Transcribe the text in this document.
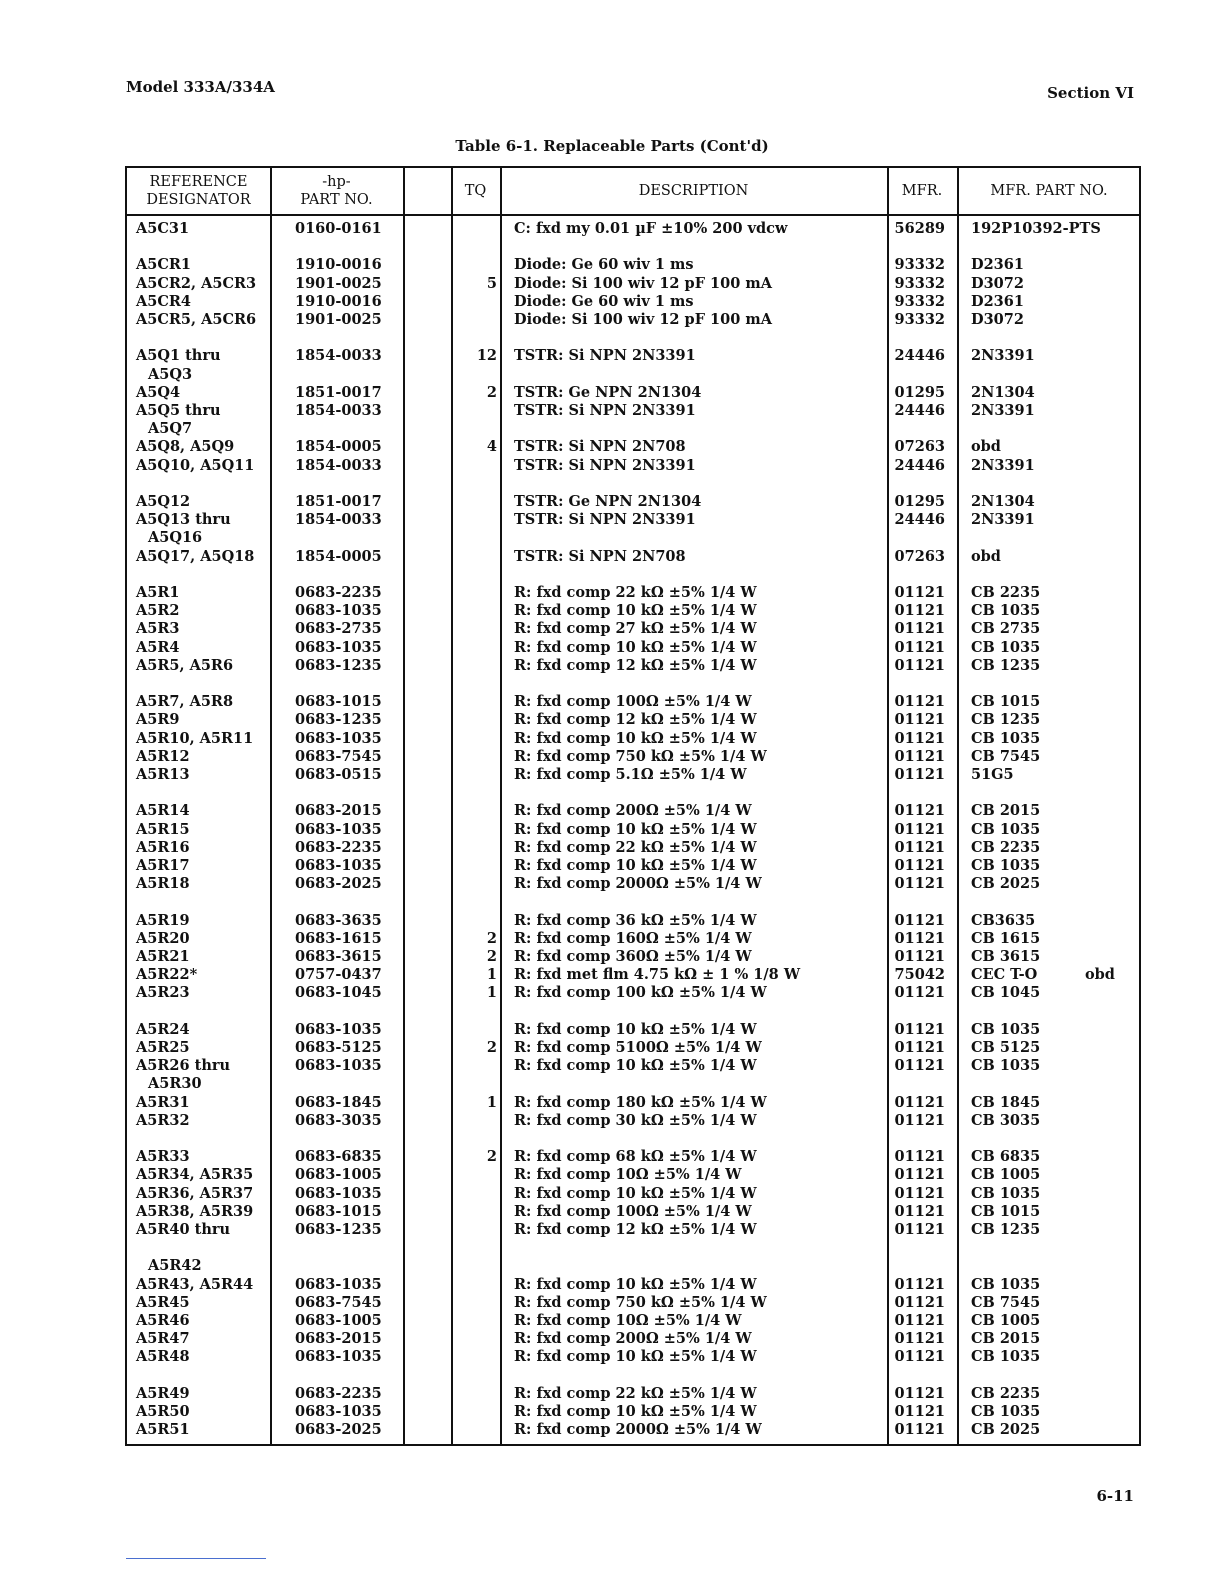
Model 333A/334A	Section VI
Table 6-1. Replaceable Parts (Cont'd)
REFERENCE
DESIGNATOR
-hp-
PART NO.
TQ	DESCRIPTION	MFR.	MFR. PART NO.
A5C31	0160-0161	C: fxd my 0.01 µF ±10% 200 vdcw	56289 192P10392-PTS
A5CR1	1910-0016	Diode: Ge 60 wiv 1 ms	93332 D2361
A5CR2, A5CR3	1901-0025	5 Diode: Si 100 wiv 12 pF 100 mA	93332 D3072
A5CR4	1910-0016	Diode: Ge 60 wiv 1 ms	93332 D2361
A5CR5, A5CR6	1901-0025	Diode: Si 100 wiv 12 pF 100 mA	93332 D3072
A5Q1 thru	1854-0033	12 TSTR: Si NPN 2N3391	24446 2N3391
A5Q3
A5Q4	1851-0017	2 TSTR: Ge NPN 2N1304	01295 2N1304
A5Q5 thru	1854-0033	TSTR: Si NPN 2N3391	24446 2N3391
A5Q7
A5Q8, A5Q9	1854-0005	4 TSTR: Si NPN 2N708	07263 obd
A5Q10, A5Q11	1854-0033	TSTR: Si NPN 2N3391	24446 2N3391
A5Q12	1851-0017	TSTR: Ge NPN 2N1304	01295 2N1304
A5Q13 thru	1854-0033	TSTR: Si NPN 2N3391	24446 2N3391
A5Q16
A5Q17, A5Q18	1854-0005	TSTR: Si NPN 2N708	07263 obd
A5R1	0683-2235	R: fxd comp 22 kΩ ±5% 1/4 W	01121 CB 2235
A5R2	0683-1035	R: fxd comp 10 kΩ ±5% 1/4 W	01121 CB 1035
A5R3	0683-2735	R: fxd comp 27 kΩ ±5% 1/4 W	01121 CB 2735
A5R4	0683-1035	R: fxd comp 10 kΩ ±5% 1/4 W	01121 CB 1035
A5R5, A5R6	0683-1235	R: fxd comp 12 kΩ ±5% 1/4 W	01121 CB 1235
A5R7, A5R8	0683-1015	R: fxd comp 100Ω ±5% 1/4 W	01121 CB 1015
A5R9	0683-1235	R: fxd comp 12 kΩ ±5% 1/4 W	01121 CB 1235
A5R10, A5R11	0683-1035	R: fxd comp 10 kΩ ±5% 1/4 W	01121 CB 1035
A5R12	0683-7545	R: fxd comp 750 kΩ ±5% 1/4 W	01121 CB 7545
A5R13	0683-0515	R: fxd comp 5.1Ω ±5% 1/4 W	01121 51G5
A5R14	0683-2015	R: fxd comp 200Ω ±5% 1/4 W	01121 CB 2015
A5R15	0683-1035	R: fxd comp 10 kΩ ±5% 1/4 W	01121 CB 1035
A5R16	0683-2235	R: fxd comp 22 kΩ ±5% 1/4 W	01121 CB 2235
A5R17	0683-1035	R: fxd comp 10 kΩ ±5% 1/4 W	01121 CB 1035
A5R18	0683-2025	R: fxd comp 2000Ω ±5% 1/4 W	01121 CB 2025
A5R19	0683-3635	R: fxd comp 36 kΩ ±5% 1/4 W	01121 CB3635
A5R20	0683-1615	2 R: fxd comp 160Ω ±5% 1/4 W	01121 CB 1615
A5R21	0683-3615	2 R: fxd comp 360Ω ±5% 1/4 W	01121 CB 3615
A5R22*	0757-0437	1 R: fxd met flm 4.75 kΩ ± 1 % 1/8 W	75042 CEC T-O	obd
A5R23	0683-1045	1 R: fxd comp 100 kΩ ±5% 1/4 W	01121 CB 1045
A5R24	0683-1035	R: fxd comp 10 kΩ ±5% 1/4 W	01121 CB 1035
A5R25	0683-5125	2 R: fxd comp 5100Ω ±5% 1/4 W	01121 CB 5125
A5R26 thru	0683-1035	R: fxd comp 10 kΩ ±5% 1/4 W	01121 CB 1035
A5R30
A5R31	0683-1845	1 R: fxd comp 180 kΩ ±5% 1/4 W	01121 CB 1845
A5R32	0683-3035	R: fxd comp 30 kΩ ±5% 1/4 W	01121 CB 3035
A5R33	0683-6835	2 R: fxd comp 68 kΩ ±5% 1/4 W	01121 CB 6835
A5R34, A5R35	0683-1005	R: fxd comp 10Ω ±5% 1/4 W	01121 CB 1005
A5R36, A5R37	0683-1035	R: fxd comp 10 kΩ ±5% 1/4 W	01121 CB 1035
A5R38, A5R39	0683-1015	R: fxd comp 100Ω ±5% 1/4 W	01121 CB 1015
A5R40 thru	0683-1235	R: fxd comp 12 kΩ ±5% 1/4 W	01121 CB 1235
A5R42
A5R43, A5R44	0683-1035	R: fxd comp 10 kΩ ±5% 1/4 W	01121 CB 1035
A5R45	0683-7545	R: fxd comp 750 kΩ ±5% 1/4 W	01121 CB 7545
A5R46	0683-1005	R: fxd comp 10Ω ±5% 1/4 W	01121 CB 1005
A5R47	0683-2015	R: fxd comp 200Ω ±5% 1/4 W	01121 CB 2015
A5R48	0683-1035	R: fxd comp 10 kΩ ±5% 1/4 W	01121 CB 1035
A5R49	0683-2235	R: fxd comp 22 kΩ ±5% 1/4 W	01121 CB 2235
A5R50	0683-1035	R: fxd comp 10 kΩ ±5% 1/4 W	01121 CB 1035
A5R51	0683-2025	R: fxd comp 2000Ω ±5% 1/4 W	01121 CB 2025
6-11
